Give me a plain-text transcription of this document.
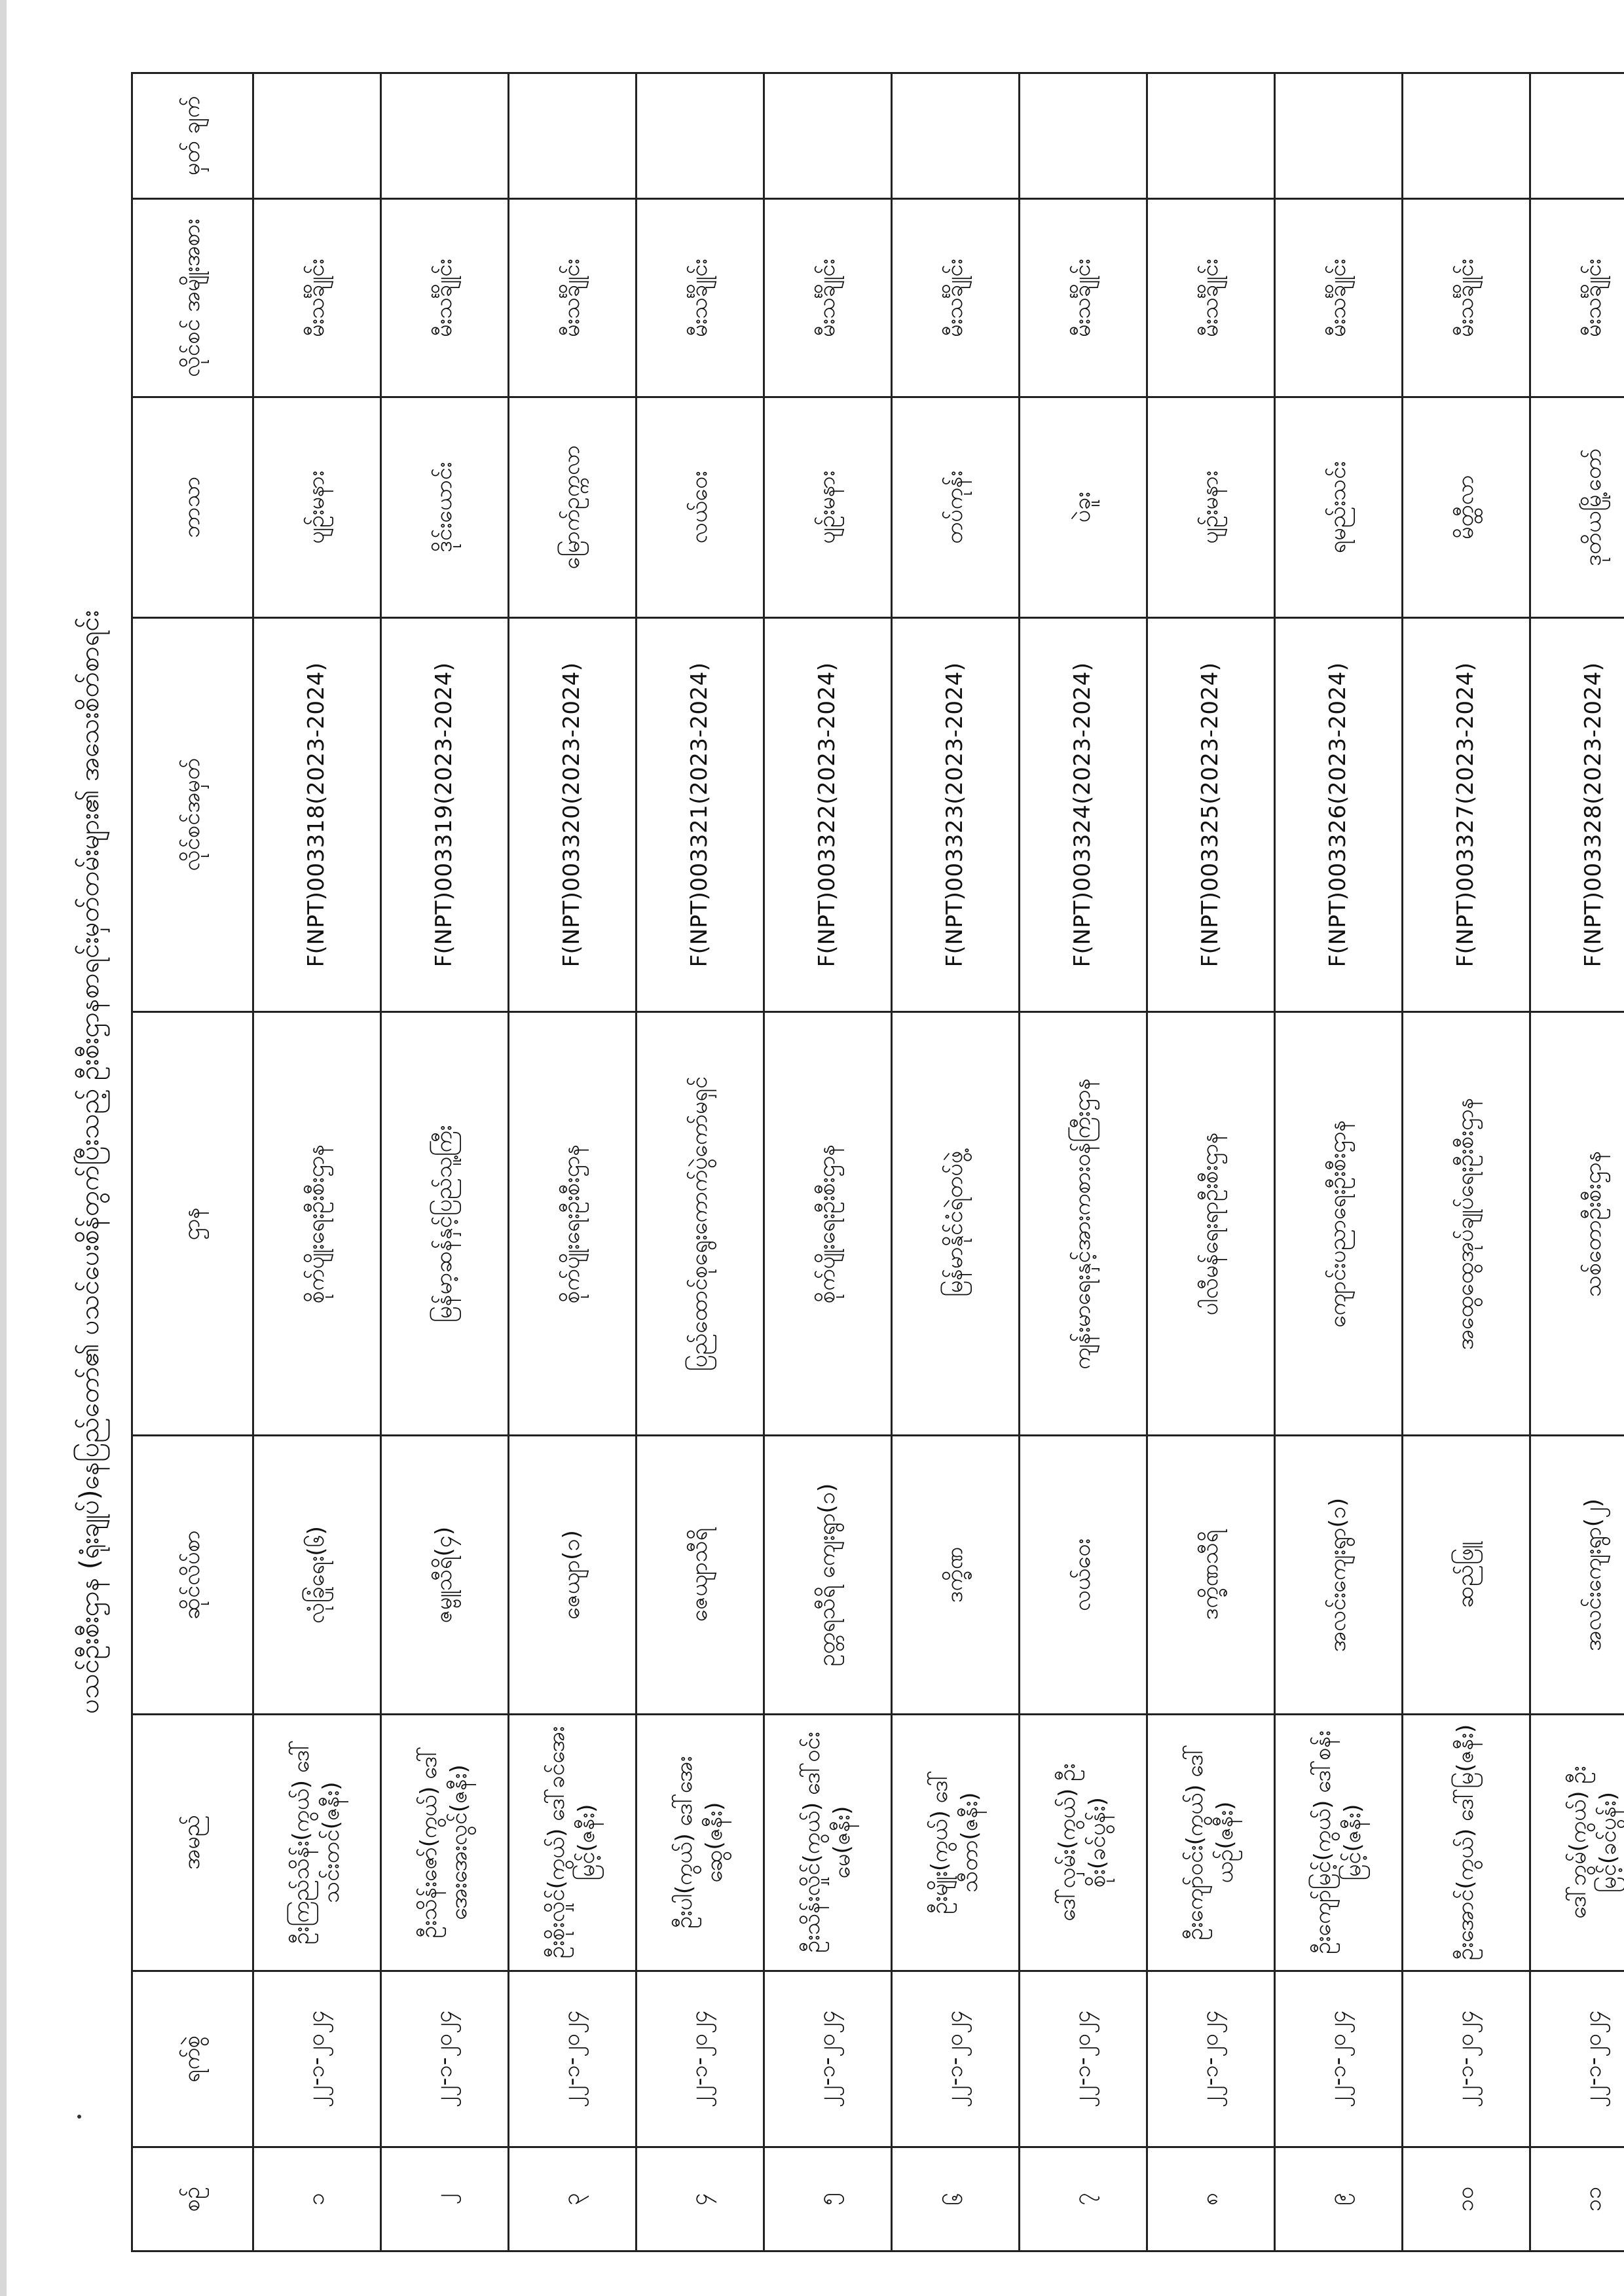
ပသင်ဦးစီးဌာန (ရုံးချုပ်)နေပြည်တော်၏ ပသင်ပေးစိန်တွက်ပြီးသည့် ဦးစီးဌာနစာရင်းမှတ်တမ်းများ၏ အသေးစိတ်စာရင်း
စဉ်	ရက်စွဲ	အမည်	ဆိုင်လိပ်စာ	ဌာန	လိုင်စင်အမှတ်	ဘာသာ	လိုင်စင် အမျိုးအစား	မှတ် ချက်
၁	၂၂-၁-၂၀၂၄	ဦးကြည်သိန်း(ကွယ်) ဒေါ်သင်းတင်(ဇနီး)	လုံခြုံရေး(၆)	စိုက်ပျိုးရေးဦးစီးဌာန	F(NPT)003318(2023-2024)	ပျဉ်းမနား	မီးသင်္ချိုင်း	
၂	၂၂-၁-၂၀၂၄	ဦးသိန်းဇော်(ကွယ်) ဒေါ်အေးအေးလွင်(ဇနီး)	ဇမ္ဗူသီရိ(၄)	မြန်မာ့ဆန်နှင့်ပြည်သူ့ကြီး	F(NPT)003319(2023-2024)	ဒိုင်းယောင်း	မီးသင်္ချိုင်း	
၃	၂၂-၁-၂၀၂၄	ဦးစိုးလှိုင်(ကွယ်) ဒေါ်ခင်အေးမြင့်(ဇနီး)	ဇေယျာ(၁)	စိုက်ပျိုးရေးဦးစီးဌာန	F(NPT)003320(2023-2024)	မြောက်ဥက္ကလာ	မီးသင်္ချိုင်း	
၄	၂၂-၁-၂၀၂၄	ဦးပါ(ကွယ်) ဒေါ်အေးဆွေ(ဇနီး)	ဇေယျာသီရိ	ပြည်ထောင်စုရွေးကောက်ပွဲကော်မရှင်	F(NPT)003321(2023-2024)	လယ်ဝေး	မီးသင်္ချိုင်း	
၅	၂၂-၁-၂၀၂၄	ဦးသိန်းလှိုင်(ကွယ်) ဒေါ်ဝင်းမေ(ဇနီး)	ဥတ္တရသီရိ ကျေးရွာ(၁)	စိုက်ပျိုးရေးဦးစီးဌာန	F(NPT)003322(2023-2024)	ပျဉ်းမနား	မီးသင်္ချိုင်း	
၆	၂၂-၁-၂၀၂၄	ဦးမျိုး(ကွယ်) ဒေါ်သီတာ(ဇနီး)	ဒက္ခိဏ	မြန်မာနိုင်ငံရဲတပ်ဖွဲ့	F(NPT)003323(2023-2024)	တပ်ကုန်း	မီးသင်္ချိုင်း	
၇	၂၂-၁-၂၀၂၄	ဒေါ်လှမ်း(ကွယ်) ဦးစိုး(ခင်ပွန်း)	လယ်ဝေး	ကျန်းမာရေးနှင့်အားကစားဝန်ကြီးဌာန	F(NPT)003324(2023-2024)	ပဲခူး	မီးသင်္ချိုင်း	
၈	၂၂-၁-၂၀၂၄	ဦးကျော်ဝင်း(ကွယ်) ဒေါ်ယဉ်(ဇနီး)	ဒက္ခိဏသီရိ	ပါလီမန်ရေးရာဦးစီးဌာန	F(NPT)003325(2023-2024)	ပျဉ်းမနား	မီးသင်္ချိုင်း	
၉	၂၂-၁-၂၀၂၄	ဦးကျော်မြင့်(ကွယ်) ဒေါ်စန်းမြင့်(ဇနီး)	အလင်းကျေးရွာ(၁)	ကျောင်းပညာရေးဦးစီးဌာန	F(NPT)003326(2023-2024)	ရမည်းသင်း	မီးသင်္ချိုင်း	
၁၀	၂၂-၁-၂၀၂၄	ဦးအောင်(ကွယ်) ဒေါ်မြ(ဇနီး)	ဆည်ဖြူ	အထွေထွေအုပ်ချုပ်ရေးဦးစီးဌာန	F(NPT)003327(2023-2024)	မိတ္ထီလာ	မီးသင်္ချိုင်း	
၁၁	၂၂-၁-၂၀၂၄	ဒေါ်ဘွမ်(ကွယ်) ဦးမြင့်(ခင်ပွန်း)	အလင်းကျေးရွာ(၂)	သစ်တောဦးစီးဌာန	F(NPT)003328(2023-2024)	ဒုတိယမြို့တော်	မီးသင်္ချိုင်း	
